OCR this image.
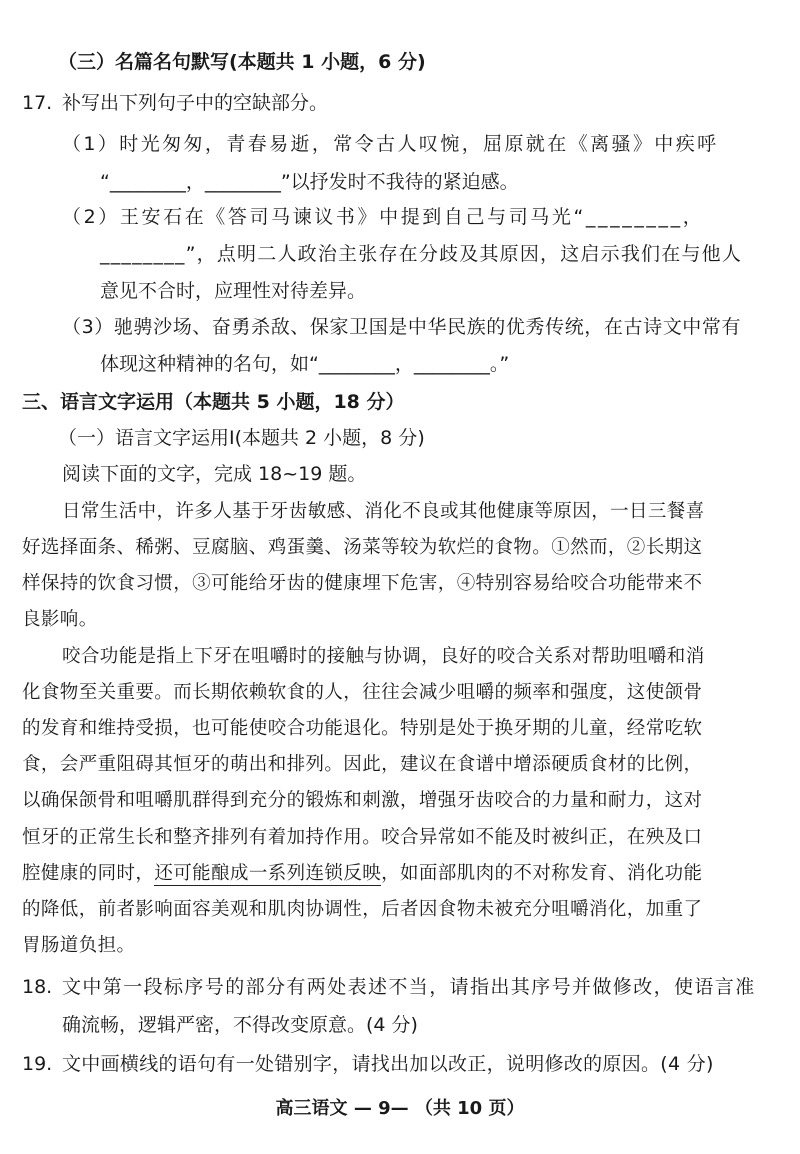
（三）名篇名句默写(本题共 1 小题，6 分)
17. 补写出下列句子中的空缺部分。
（1）时光匆匆，青春易逝，常令古人叹惋，屈原就在《离骚》中疾呼
“________，________”以抒发时不我待的紧迫感。
（2）王安石在《答司马谏议书》中提到自己与司马光“________，
________”，点明二人政治主张存在分歧及其原因，这启示我们在与他人
意见不合时，应理性对待差异。
（3）驰骋沙场、奋勇杀敌、保家卫国是中华民族的优秀传统，在古诗文中常有
体现这种精神的名句，如“________，________。”
三、语言文字运用（本题共 5 小题，18 分）
（一）语言文字运用Ⅰ(本题共 2 小题，8 分)
阅读下面的文字，完成 18~19 题。
日常生活中，许多人基于牙齿敏感、消化不良或其他健康等原因，一日三餐喜
好选择面条、稀粥、豆腐脑、鸡蛋羹、汤菜等较为软烂的食物。①然而，②长期这
样保持的饮食习惯，③可能给牙齿的健康埋下危害，④特别容易给咬合功能带来不
良影响。
咬合功能是指上下牙在咀嚼时的接触与协调，良好的咬合关系对帮助咀嚼和消
化食物至关重要。而长期依赖软食的人，往往会减少咀嚼的频率和强度，这使颌骨
的发育和维持受损，也可能使咬合功能退化。特别是处于换牙期的儿童，经常吃软
食，会严重阻碍其恒牙的萌出和排列。因此，建议在食谱中增添硬质食材的比例，
以确保颌骨和咀嚼肌群得到充分的锻炼和刺激，增强牙齿咬合的力量和耐力，这对
恒牙的正常生长和整齐排列有着加持作用。咬合异常如不能及时被纠正，在殃及口
腔健康的同时，还可能酿成一系列连锁反映，如面部肌肉的不对称发育、消化功能
的降低，前者影响面容美观和肌肉协调性，后者因食物未被充分咀嚼消化，加重了
胃肠道负担。
18. 文中第一段标序号的部分有两处表述不当，请指出其序号并做修改，使语言准
确流畅，逻辑严密，不得改变原意。(4 分)
19. 文中画横线的语句有一处错别字，请找出加以改正，说明修改的原因。(4 分)
高三语文 — 9— （共 10 页）
